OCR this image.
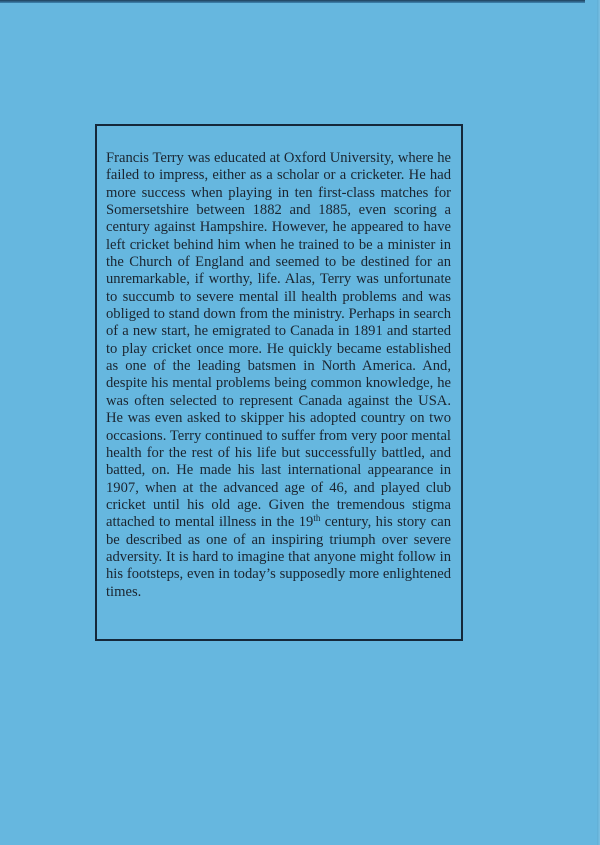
Francis Terry was educated at Oxford University, where he failed to impress, either as a scholar or a cricketer. He had more success when playing in ten first-class matches for Somersetshire between 1882 and 1885, even scoring a century against Hampshire. However, he appeared to have left cricket behind him when he trained to be a minister in the Church of England and seemed to be destined for an unremarkable, if worthy, life. Alas, Terry was unfortunate to succumb to severe mental ill health problems and was obliged to stand down from the ministry. Perhaps in search of a new start, he emigrated to Canada in 1891 and started to play cricket once more. He quickly became established as one of the leading batsmen in North America. And, despite his mental problems being common knowledge, he was often selected to represent Canada against the USA. He was even asked to skipper his adopted country on two occasions. Terry continued to suffer from very poor mental health for the rest of his life but successfully battled, and batted, on. He made his last international appearance in 1907, when at the advanced age of 46, and played club cricket until his old age. Given the tremendous stigma attached to mental illness in the 19th century, his story can be described as one of an inspiring triumph over severe adversity. It is hard to imagine that anyone might follow in his footsteps, even in today’s supposedly more enlightened times.
